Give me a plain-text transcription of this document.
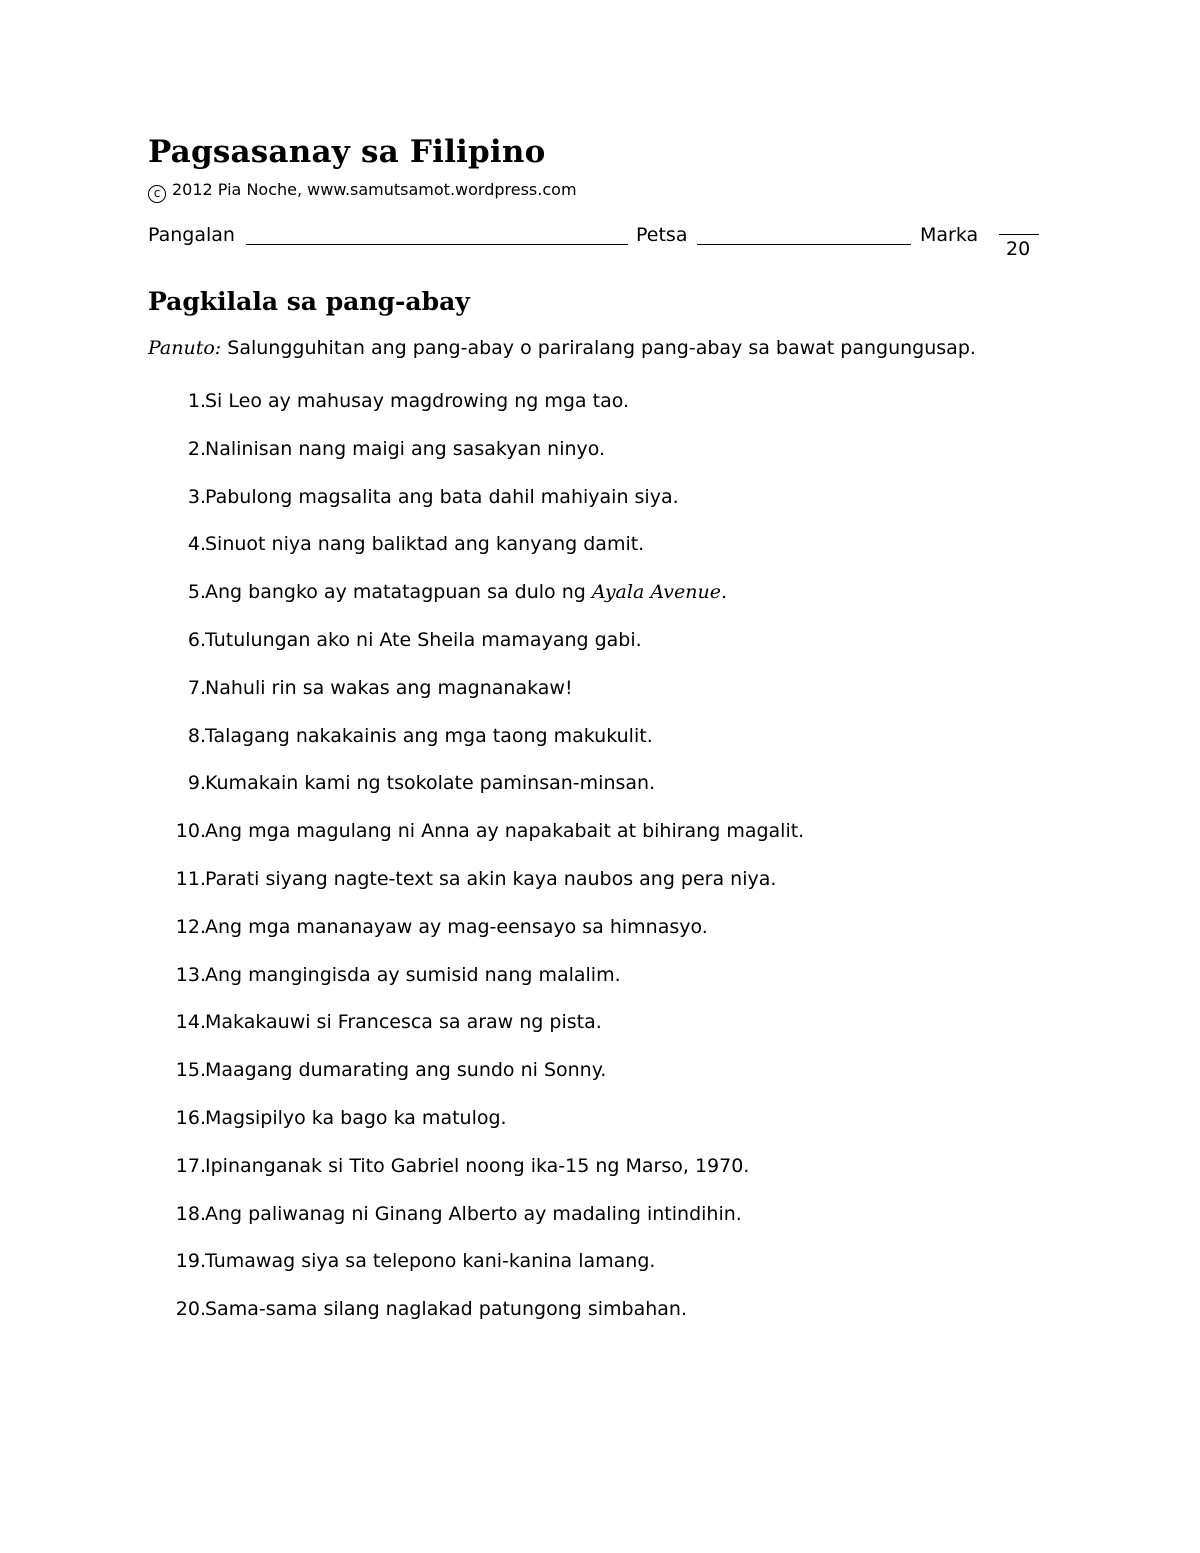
Pagsasanay sa Filipino
c 2012 Pia Noche, www.samutsamot.wordpress.com
Pangalan	Petsa	Marka
20
Pagkilala sa pang-abay
Panuto: Salungguhitan ang pang-abay o pariralang pang-abay sa bawat pangungusap.
1. Si Leo ay mahusay magdrowing ng mga tao.
2. Nalinisan nang maigi ang sasakyan ninyo.
3. Pabulong magsalita ang bata dahil mahiyain siya.
4. Sinuot niya nang baliktad ang kanyang damit.
5. Ang bangko ay matatagpuan sa dulo ng Ayala Avenue.
6. Tutulungan ako ni Ate Sheila mamayang gabi.
7. Nahuli rin sa wakas ang magnanakaw!
8. Talagang nakakainis ang mga taong makukulit.
9. Kumakain kami ng tsokolate paminsan-minsan.
10. Ang mga magulang ni Anna ay napakabait at bihirang magalit.
11. Parati siyang nagte-text sa akin kaya naubos ang pera niya.
12. Ang mga mananayaw ay mag-eensayo sa himnasyo.
13. Ang mangingisda ay sumisid nang malalim.
14. Makakauwi si Francesca sa araw ng pista.
15. Maagang dumarating ang sundo ni Sonny.
16. Magsipilyo ka bago ka matulog.
17. Ipinanganak si Tito Gabriel noong ika-15 ng Marso, 1970.
18. Ang paliwanag ni Ginang Alberto ay madaling intindihin.
19. Tumawag siya sa telepono kani-kanina lamang.
20. Sama-sama silang naglakad patungong simbahan.
